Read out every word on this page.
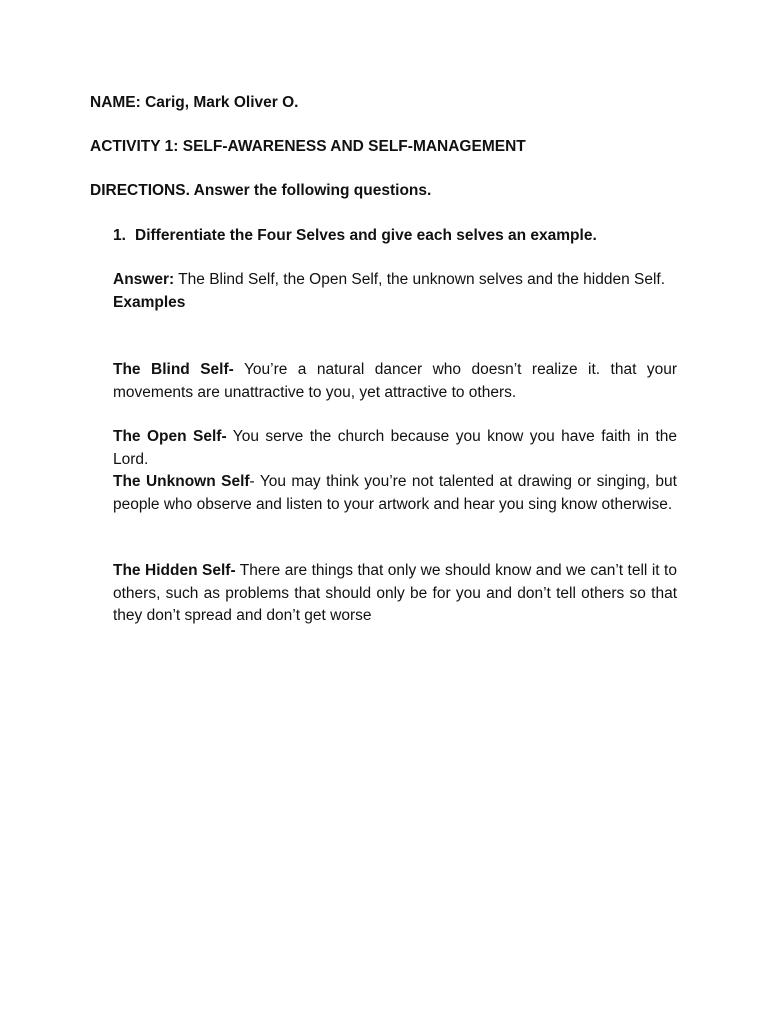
NAME: Carig, Mark Oliver O.
ACTIVITY 1: SELF-AWARENESS AND SELF-MANAGEMENT
DIRECTIONS. Answer the following questions.
1. Differentiate the Four Selves and give each selves an example.

Answer: The Blind Self, the Open Self, the unknown selves and the hidden Self.

Examples

The Blind Self- You’re a natural dancer who doesn’t realize it. that your movements are unattractive to you, yet attractive to others.

The Open Self- You serve the church because you know you have faith in the Lord.

The Unknown Self- You may think you’re not talented at drawing or singing, but people who observe and listen to your artwork and hear you sing know otherwise.

The Hidden Self- There are things that only we should know and we can’t tell it to others, such as problems that should only be for you and don’t tell others so that they don’t spread and don’t get worse
